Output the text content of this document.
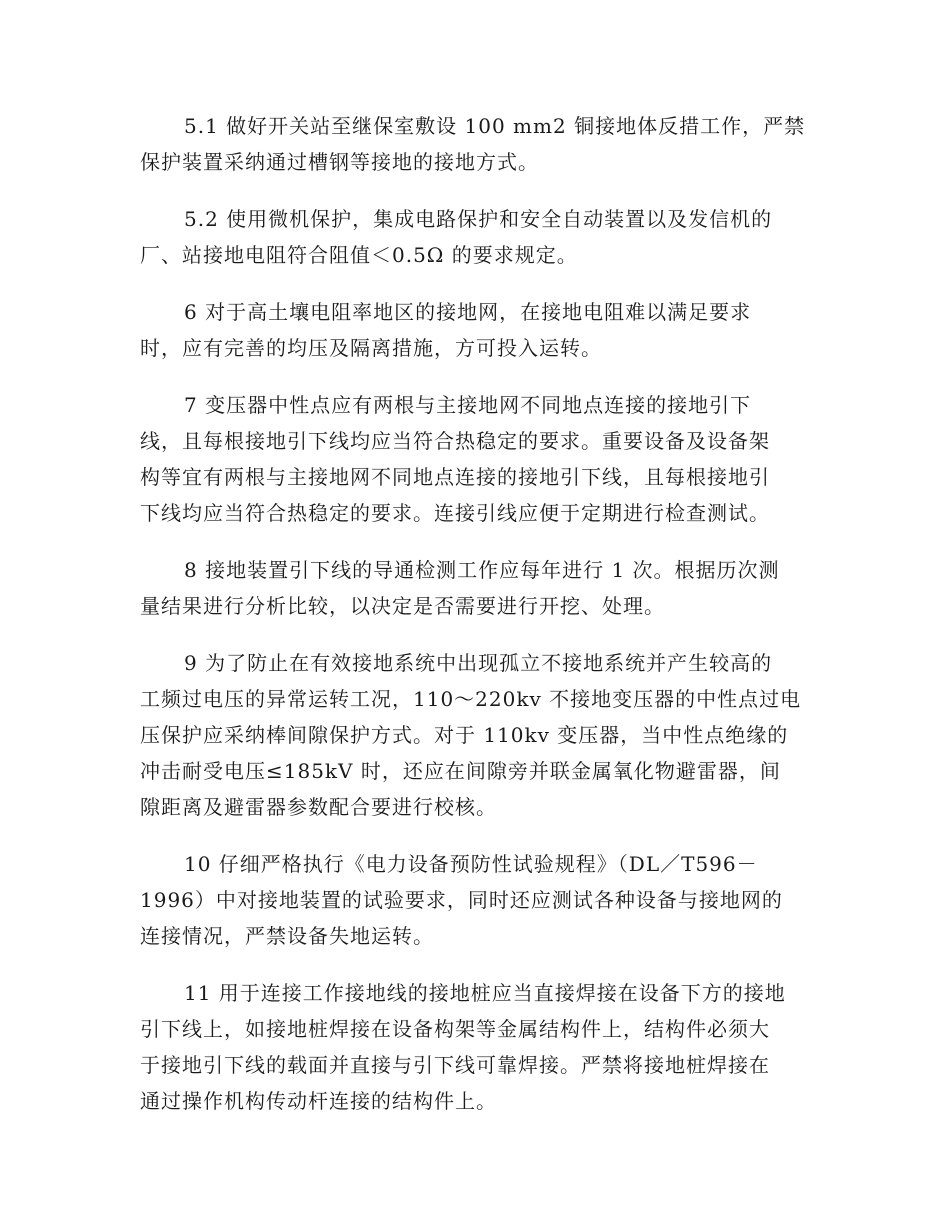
5.1 做好开关站至继保室敷设 100 mm2 铜接地体反措工作，严禁
保护装置采纳通过槽钢等接地的接地方式。
5.2 使用微机保护，集成电路保护和安全自动装置以及发信机的
厂、站接地电阻符合阻值＜0.5Ω 的要求规定。
6 对于高土壤电阻率地区的接地网，在接地电阻难以满足要求
时，应有完善的均压及隔离措施，方可投入运转。
7 变压器中性点应有两根与主接地网不同地点连接的接地引下
线，且每根接地引下线均应当符合热稳定的要求。重要设备及设备架
构等宜有两根与主接地网不同地点连接的接地引下线，且每根接地引
下线均应当符合热稳定的要求。连接引线应便于定期进行检查测试。
8 接地装置引下线的导通检测工作应每年进行 1 次。根据历次测
量结果进行分析比较，以决定是否需要进行开挖、处理。
9 为了防止在有效接地系统中出现孤立不接地系统并产生较高的
工频过电压的异常运转工况，110～220kv 不接地变压器的中性点过电
压保护应采纳棒间隙保护方式。对于 110kv 变压器，当中性点绝缘的
冲击耐受电压≤185kV 时，还应在间隙旁并联金属氧化物避雷器，间
隙距离及避雷器参数配合要进行校核。
10 仔细严格执行《电力设备预防性试验规程》（DL／T596－
1996）中对接地装置的试验要求，同时还应测试各种设备与接地网的
连接情况，严禁设备失地运转。
11 用于连接工作接地线的接地桩应当直接焊接在设备下方的接地
引下线上，如接地桩焊接在设备构架等金属结构件上，结构件必须大
于接地引下线的载面并直接与引下线可靠焊接。严禁将接地桩焊接在
通过操作机构传动杆连接的结构件上。
